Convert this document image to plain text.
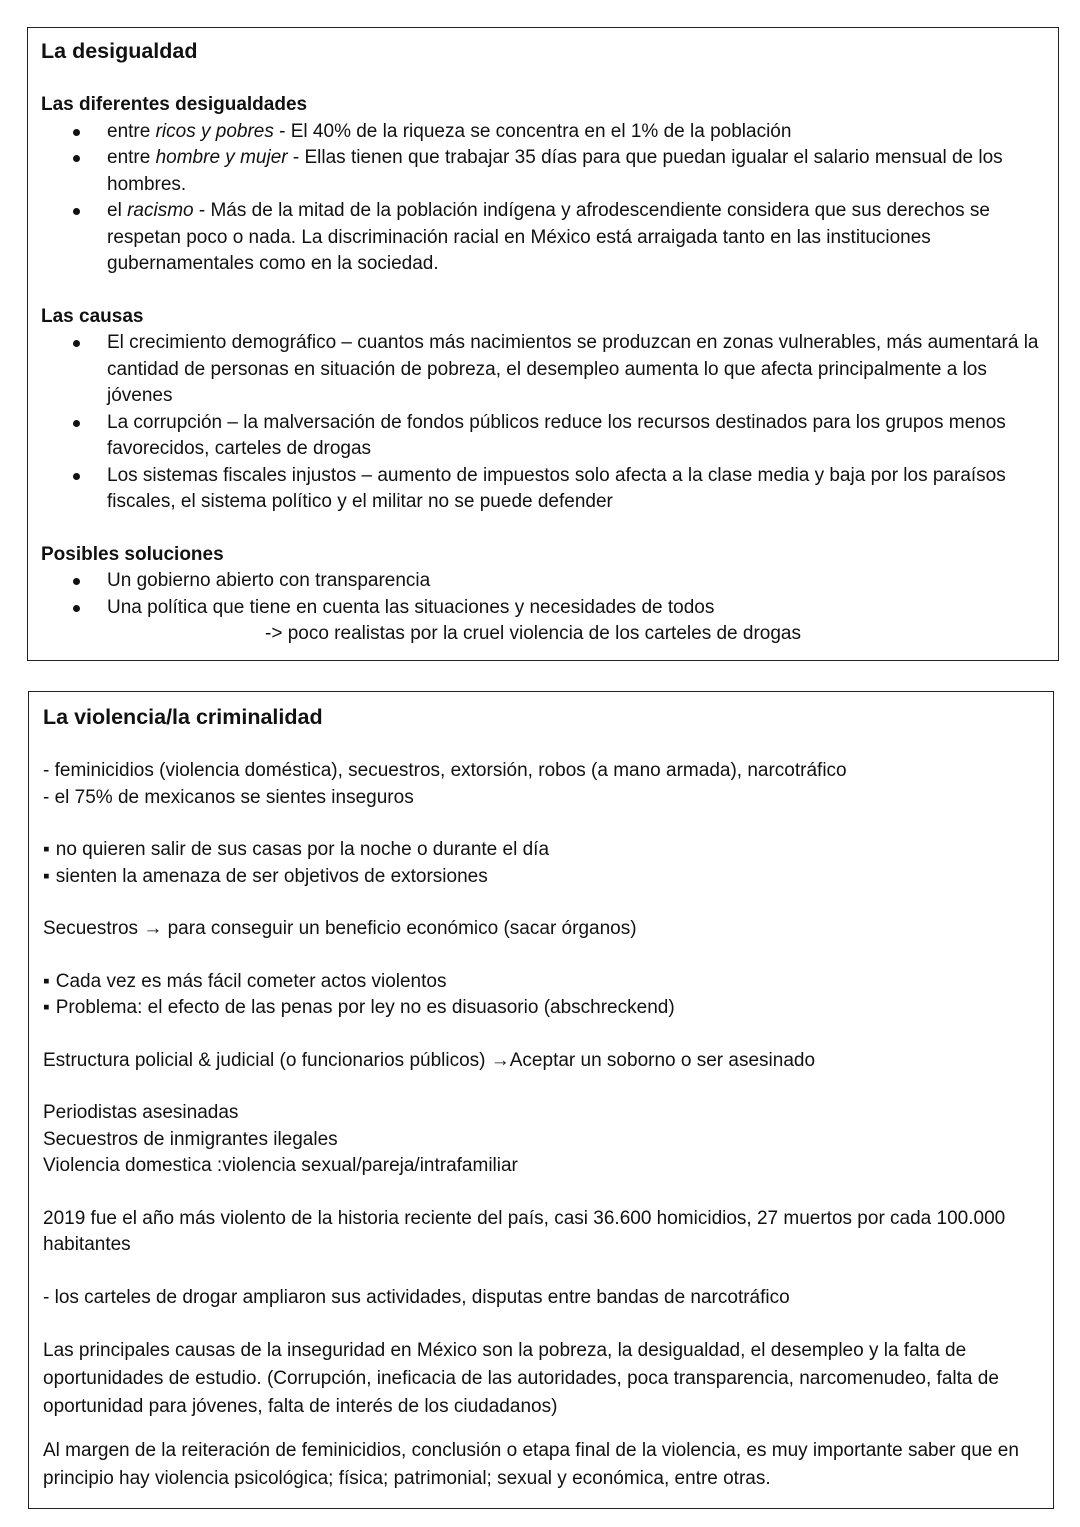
La desigualdad

Las diferentes desigualdades

entre ricos y pobres - El 40% de la riqueza se concentra en el 1% de la población
entre hombre y mujer - Ellas tienen que trabajar 35 días para que puedan igualar el salario mensual de los hombres.
el racismo - Más de la mitad de la población indígena y afrodescendiente considera que sus derechos se respetan poco o nada. La discriminación racial en México está arraigada tanto en las instituciones gubernamentales como en la sociedad.

Las causas

El crecimiento demográfico – cuantos más nacimientos se produzcan en zonas vulnerables, más aumentará la cantidad de personas en situación de pobreza, el desempleo aumenta lo que afecta principalmente a los jóvenes
La corrupción – la malversación de fondos públicos reduce los recursos destinados para los grupos menos favorecidos, carteles de drogas
Los sistemas fiscales injustos – aumento de impuestos solo afecta a la clase media y baja por los paraísos fiscales, el sistema político y el militar no se puede defender

Posibles soluciones

Un gobierno abierto con transparencia
Una política que tiene en cuenta las situaciones y necesidades de todos

-> poco realistas por la cruel violencia de los carteles de drogas

La violencia/la criminalidad

- feminicidios (violencia doméstica), secuestros, extorsión, robos (a mano armada), narcotráfico

- el 75% de mexicanos se sientes inseguros

▪ no quieren salir de sus casas por la noche o durante el día

▪ sienten la amenaza de ser objetivos de extorsiones

Secuestros → para conseguir un beneficio económico (sacar órganos)

▪ Cada vez es más fácil cometer actos violentos

▪ Problema: el efecto de las penas por ley no es disuasorio (abschreckend)

Estructura policial & judicial (o funcionarios públicos) →Aceptar un soborno o ser asesinado

Periodistas asesinadas

Secuestros de inmigrantes ilegales

Violencia domestica :violencia sexual/pareja/intrafamiliar

2019 fue el año más violento de la historia reciente del país, casi 36.600 homicidios, 27 muertos por cada 100.000 habitantes

- los carteles de drogar ampliaron sus actividades, disputas entre bandas de narcotráfico

Las principales causas de la inseguridad en México son la pobreza, la desigualdad, el desempleo y la falta de oportunidades de estudio. (Corrupción, ineficacia de las autoridades, poca transparencia, narcomenudeo, falta de oportunidad para jóvenes, falta de interés de los ciudadanos)

Al margen de la reiteración de feminicidios, conclusión o etapa final de la violencia, es muy importante saber que en principio hay violencia psicológica; física; patrimonial; sexual y económica, entre otras.
